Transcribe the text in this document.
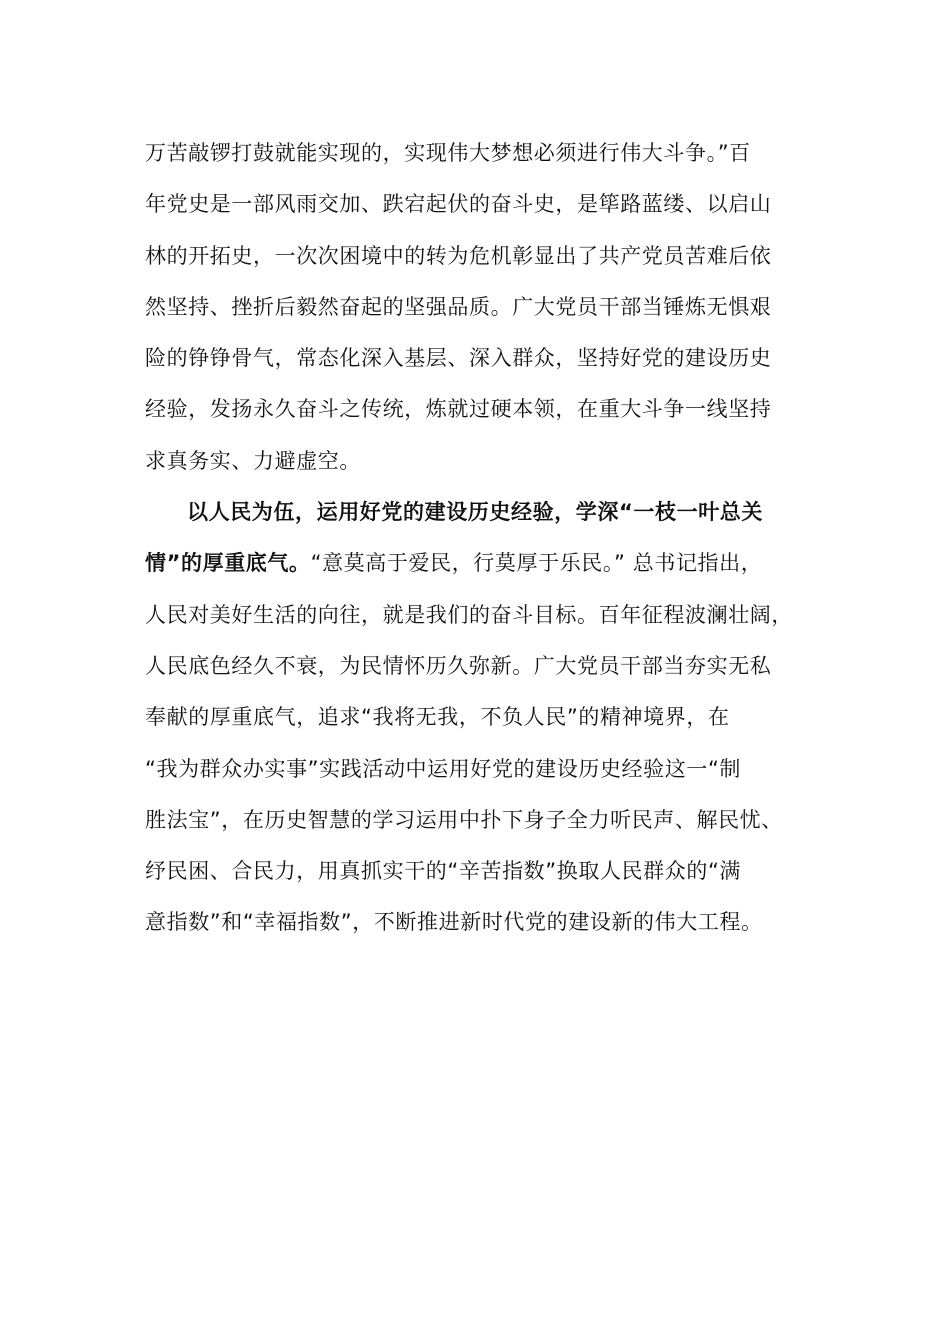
万苦敲锣打鼓就能实现的，实现伟大梦想必须进行伟大斗争。”百
年党史是一部风雨交加、跌宕起伏的奋斗史，是筚路蓝缕、以启山
林的开拓史，一次次困境中的转为危机彰显出了共产党员苦难后依
然坚持、挫折后毅然奋起的坚强品质。广大党员干部当锤炼无惧艰
险的铮铮骨气，常态化深入基层、深入群众，坚持好党的建设历史
经验，发扬永久奋斗之传统，炼就过硬本领，在重大斗争一线坚持
求真务实、力避虚空。
以人民为伍，运用好党的建设历史经验，学深“一枝一叶总关
情”的厚重底气。“意莫高于爱民，行莫厚于乐民。” 总书记指出，
人民对美好生活的向往，就是我们的奋斗目标。百年征程波澜壮阔，
人民底色经久不衰，为民情怀历久弥新。广大党员干部当夯实无私
奉献的厚重底气，追求“我将无我，不负人民”的精神境界，在
“我为群众办实事”实践活动中运用好党的建设历史经验这一“制
胜法宝”，在历史智慧的学习运用中扑下身子全力听民声、解民忧、
纾民困、合民力，用真抓实干的“辛苦指数”换取人民群众的“满
意指数”和“幸福指数”，不断推进新时代党的建设新的伟大工程。
